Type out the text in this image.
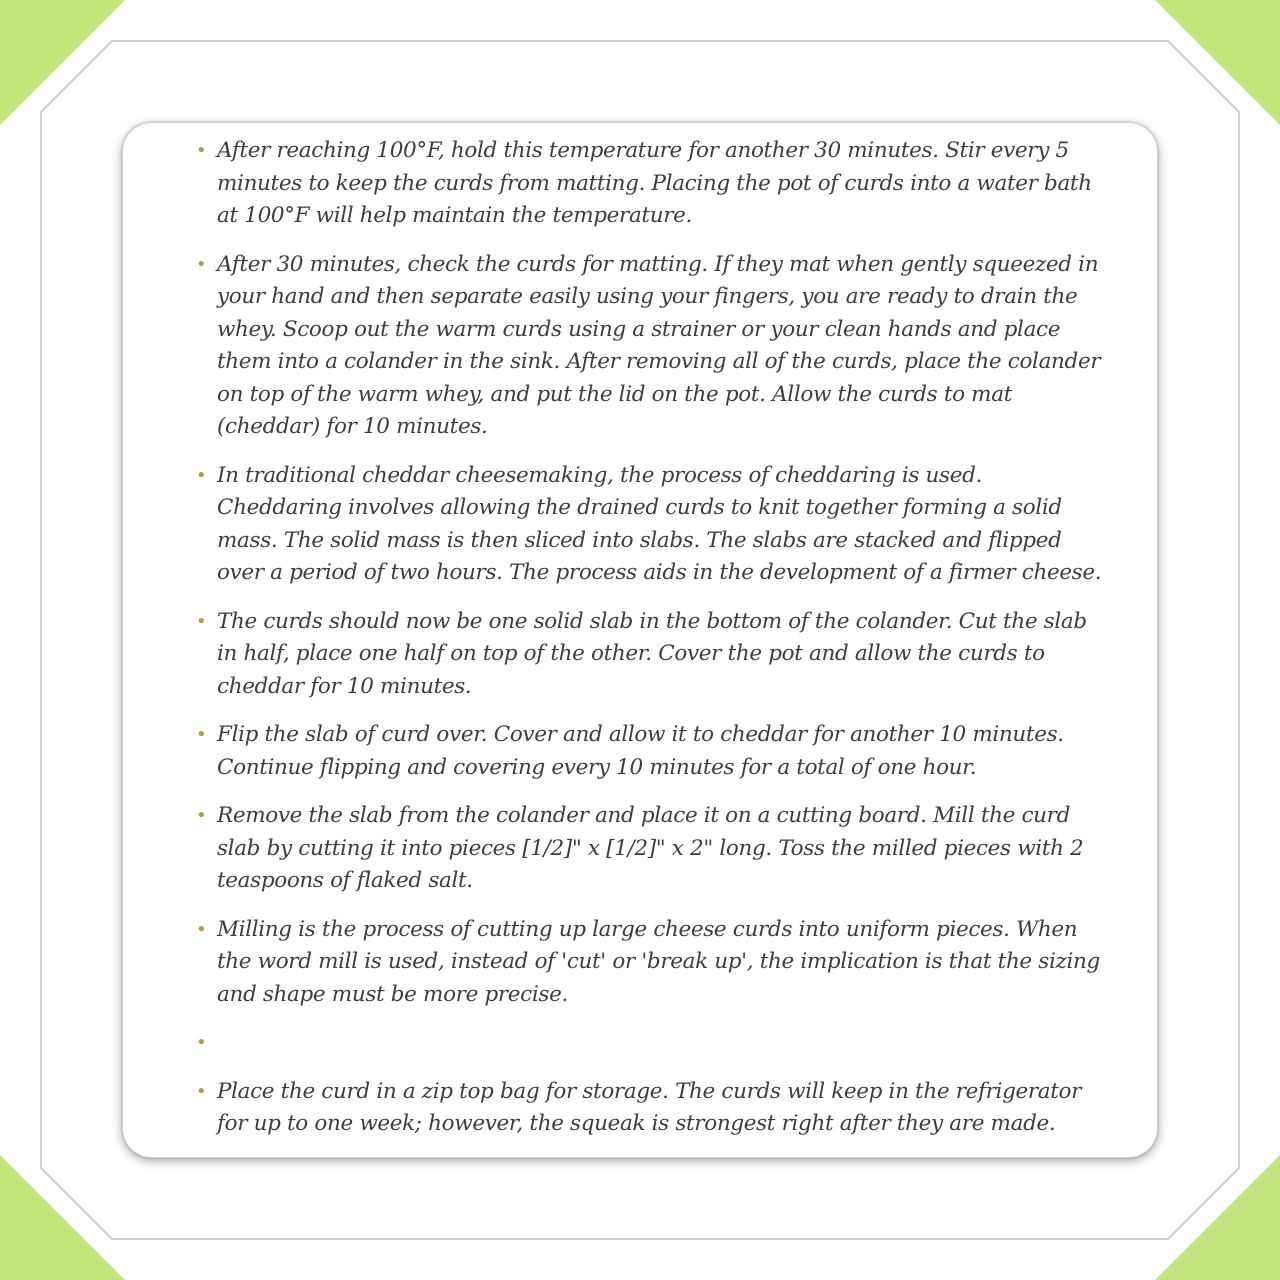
• After reaching 100°F, hold this temperature for another 30 minutes. Stir every 5 minutes to keep the curds from matting. Placing the pot of curds into a water bath at 100°F will help maintain the temperature.
• After 30 minutes, check the curds for matting. If they mat when gently squeezed in your hand and then separate easily using your fingers, you are ready to drain the whey. Scoop out the warm curds using a strainer or your clean hands and place them into a colander in the sink. After removing all of the curds, place the colander on top of the warm whey, and put the lid on the pot. Allow the curds to mat (cheddar) for 10 minutes.
• In traditional cheddar cheesemaking, the process of cheddaring is used. Cheddaring involves allowing the drained curds to knit together forming a solid mass. The solid mass is then sliced into slabs. The slabs are stacked and flipped over a period of two hours. The process aids in the development of a firmer cheese.
• The curds should now be one solid slab in the bottom of the colander. Cut the slab in half, place one half on top of the other. Cover the pot and allow the curds to cheddar for 10 minutes.
• Flip the slab of curd over. Cover and allow it to cheddar for another 10 minutes. Continue flipping and covering every 10 minutes for a total of one hour.
• Remove the slab from the colander and place it on a cutting board. Mill the curd slab by cutting it into pieces [1/2]" x [1/2]" x 2" long. Toss the milled pieces with 2 teaspoons of flaked salt.
• Milling is the process of cutting up large cheese curds into uniform pieces. When the word mill is used, instead of 'cut' or 'break up', the implication is that the sizing and shape must be more precise.
•
• Place the curd in a zip top bag for storage. The curds will keep in the refrigerator for up to one week; however, the squeak is strongest right after they are made.
